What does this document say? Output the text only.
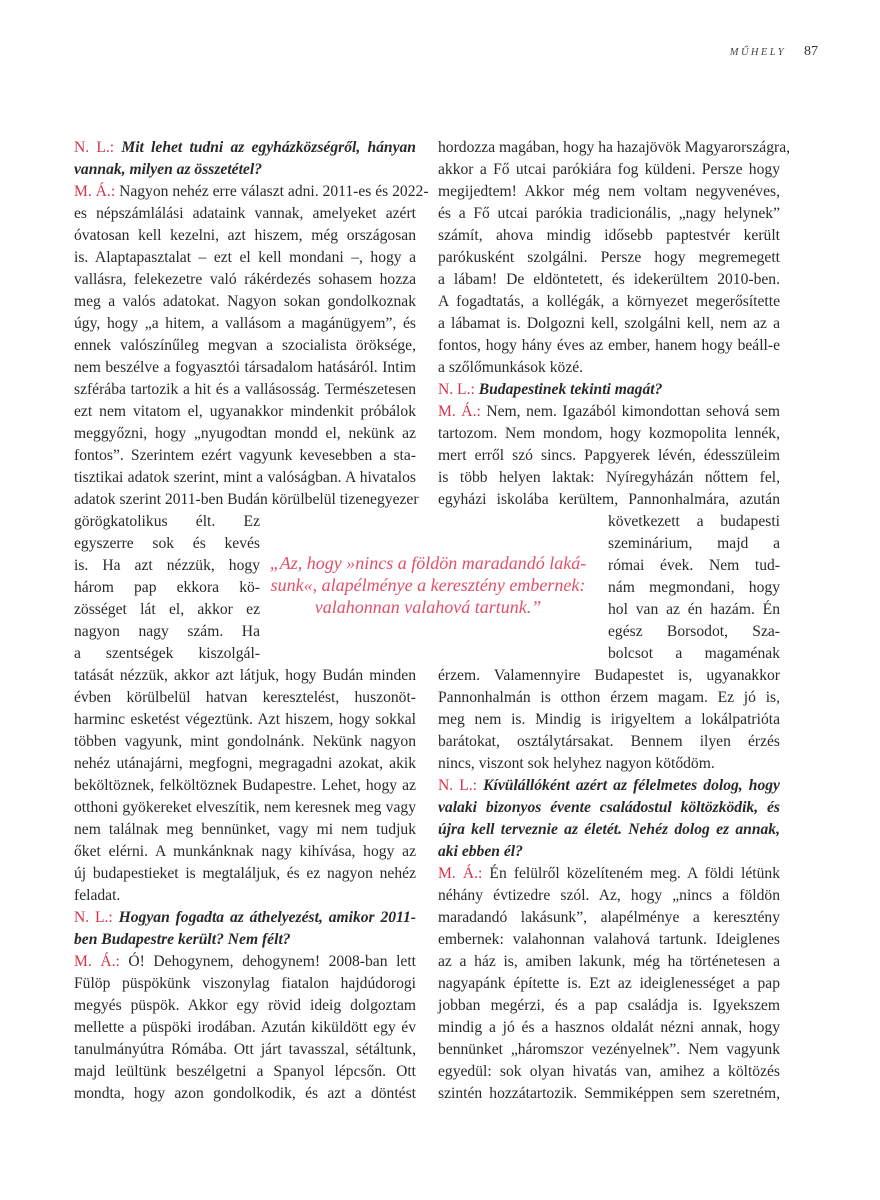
MŰHELY 87
N. L.: Mit lehet tudni az egyházközségről, hányan
vannak, milyen az összetétel?
M. Á.: Nagyon nehéz erre választ adni. 2011-es és 2022-
es népszámlálási adataink vannak, amelyeket azért
óvatosan kell kezelni, azt hiszem, még országosan
is. Alaptapasztalat – ezt el kell mondani –, hogy a
vallásra, felekezetre való rákérdezés sohasem hozza
meg a valós adatokat. Nagyon sokan gondolkoznak
úgy, hogy „a hitem, a vallásom a magánügyem”, és
ennek valószínűleg megvan a szocialista öröksége,
nem beszélve a fogyasztói társadalom hatásáról. Intim
szférába tartozik a hit és a vallásosság. Természetesen
ezt nem vitatom el, ugyanakkor mindenkit próbálok
meggyőzni, hogy „nyugodtan mondd el, nekünk az
fontos”. Szerintem ezért vagyunk kevesebben a sta-
tisztikai adatok szerint, mint a valóságban. A hivatalos
adatok szerint 2011-ben Budán körülbelül tizenegyezer
görögkatolikus élt. Ez
egyszerre sok és kevés
is. Ha azt nézzük, hogy
három pap ekkora kö-
zösséget lát el, akkor ez
nagyon nagy szám. Ha
a szentségek kiszolgál-
tatását nézzük, akkor azt látjuk, hogy Budán minden
évben körülbelül hatvan keresztelést, huszonöt-
harminc esketést végeztünk. Azt hiszem, hogy sokkal
többen vagyunk, mint gondolnánk. Nekünk nagyon
nehéz utánajárni, megfogni, megragadni azokat, akik
beköltöznek, felköltöznek Budapestre. Lehet, hogy az
otthoni gyökereket elveszítik, nem keresnek meg vagy
nem találnak meg bennünket, vagy mi nem tudjuk
őket elérni. A munkánknak nagy kihívása, hogy az
új budapestieket is megtaláljuk, és ez nagyon nehéz
feladat.
N. L.: Hogyan fogadta az áthelyezést, amikor 2011-
ben Budapestre került? Nem félt?
M. Á.: Ó! Dehogynem, dehogynem! 2008-ban lett
Fülöp püspökünk viszonylag fiatalon hajdúdorogi
megyés püspök. Akkor egy rövid ideig dolgoztam
mellette a püspöki irodában. Azután kiküldött egy év
tanulmányútra Rómába. Ott járt tavasszal, sétáltunk,
majd leültünk beszélgetni a Spanyol lépcsőn. Ott
mondta, hogy azon gondolkodik, és azt a döntést
„Az, hogy »nincs a földön maradandó laká-
sunk«, alapélménye a keresztény embernek:
valahonnan valahová tartunk.”
hordozza magában, hogy ha hazajövök Magyarországra,
akkor a Fő utcai parókiára fog küldeni. Persze hogy
megijedtem! Akkor még nem voltam negyvenéves,
és a Fő utcai parókia tradicionális, „nagy helynek”
számít, ahova mindig idősebb paptestvér került
parókusként szolgálni. Persze hogy megremegett
a lábam! De eldöntetett, és idekerültem 2010-ben.
A fogadtatás, a kollégák, a környezet megerősítette
a lábamat is. Dolgozni kell, szolgálni kell, nem az a
fontos, hogy hány éves az ember, hanem hogy beáll-e
a szőlőmunkások közé.
N. L.: Budapestinek tekinti magát?
M. Á.: Nem, nem. Igazából kimondottan sehová sem
tartozom. Nem mondom, hogy kozmopolita lennék,
mert erről szó sincs. Papgyerek lévén, édesszüleim
is több helyen laktak: Nyíregyházán nőttem fel,
egyházi iskolába kerültem, Pannonhalmára, azután
következett a budapesti
szeminárium, majd a
római évek. Nem tud-
nám megmondani, hogy
hol van az én hazám. Én
egész Borsodot, Sza-
bolcsot a magaménak
érzem. Valamennyire Budapestet is, ugyanakkor
Pannonhalmán is otthon érzem magam. Ez jó is,
meg nem is. Mindig is irigyeltem a lokálpatrióta
barátokat, osztálytársakat. Bennem ilyen érzés
nincs, viszont sok helyhez nagyon kötődöm.
N. L.: Kívülállóként azért az félelmetes dolog, hogy
valaki bizonyos évente családostul költözködik, és
újra kell terveznie az életét. Nehéz dolog ez annak,
aki ebben él?
M. Á.: Én felülről közelíteném meg. A földi létünk
néhány évtizedre szól. Az, hogy „nincs a földön
maradandó lakásunk”, alapélménye a keresztény
embernek: valahonnan valahová tartunk. Ideiglenes
az a ház is, amiben lakunk, még ha történetesen a
nagyapánk építette is. Ezt az ideiglenességet a pap
jobban megérzi, és a pap családja is. Igyekszem
mindig a jó és a hasznos oldalát nézni annak, hogy
bennünket „háromszor vezényelnek”. Nem vagyunk
egyedül: sok olyan hivatás van, amihez a költözés
szintén hozzátartozik. Semmiképpen sem szeretném,
